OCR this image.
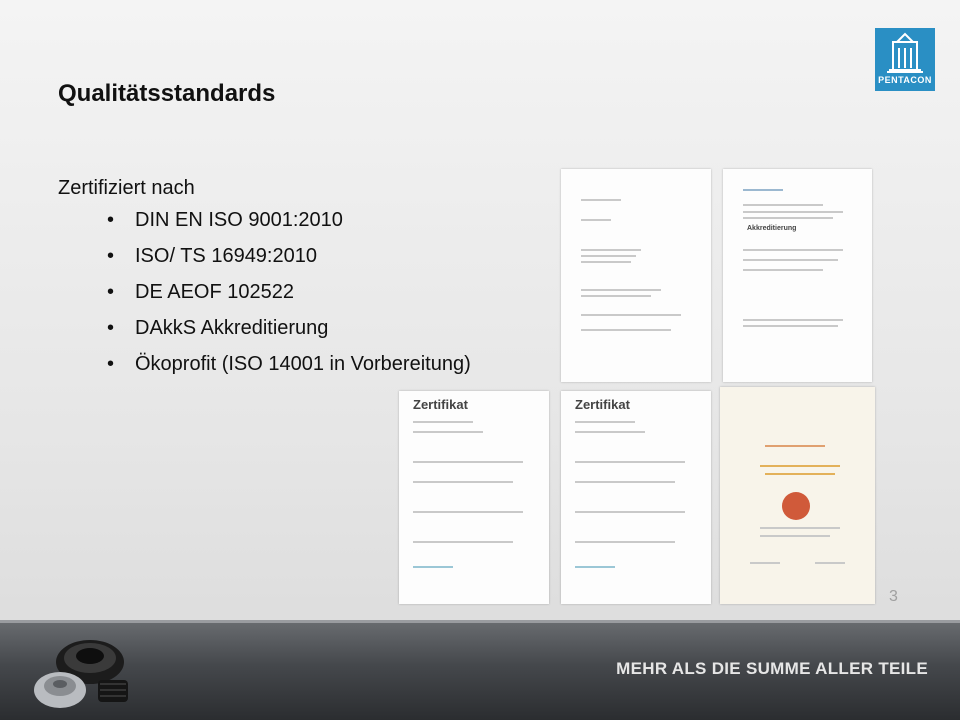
Qualitätsstandards	PENTACON
Zertifiziert nach
• DIN EN ISO 9001:2010
• ISO/ TS 16949:2010
• DE AEOF 102522
• DAkkS Akkreditierung
• Ökoprofit (ISO 14001 in Vorbereitung)
Akkreditierung
Zertifikat	Zertifikat
3
MEHR ALS DIE SUMME ALLER TEILE
